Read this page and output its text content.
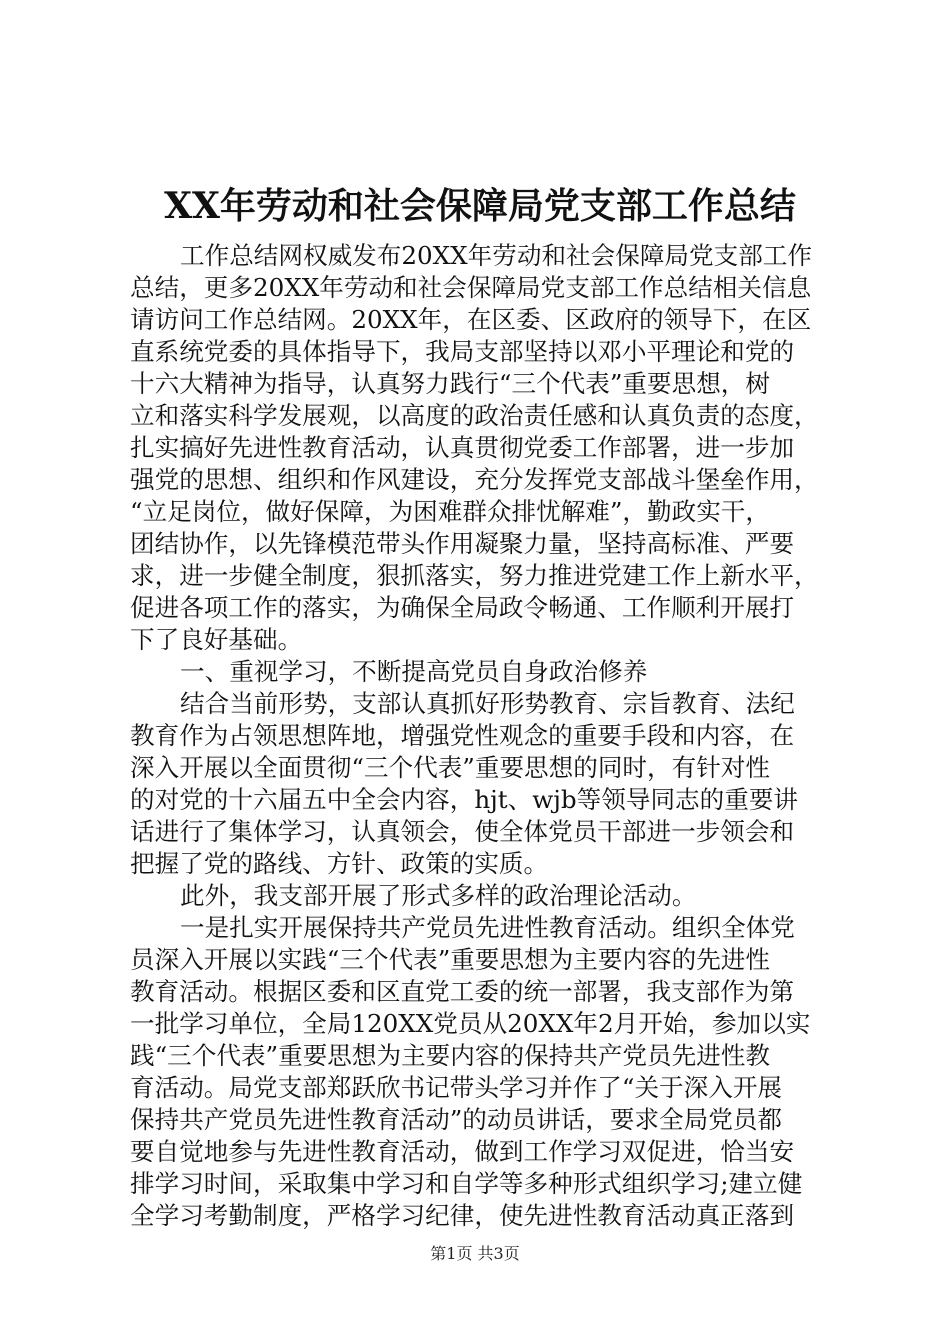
XX年劳动和社会保障局党支部工作总结
工作总结网权威发布20XX年劳动和社会保障局党支部工作
总结，更多20XX年劳动和社会保障局党支部工作总结相关信息
请访问工作总结网。20XX年，在区委、区政府的领导下，在区
直系统党委的具体指导下，我局支部坚持以邓小平理论和党的
十六大精神为指导，认真努力践行“三个代表”重要思想，树
立和落实科学发展观，以高度的政治责任感和认真负责的态度，
扎实搞好先进性教育活动，认真贯彻党委工作部署，进一步加
强党的思想、组织和作风建设，充分发挥党支部战斗堡垒作用，
“立足岗位，做好保障，为困难群众排忧解难”，勤政实干，
团结协作，以先锋模范带头作用凝聚力量，坚持高标准、严要
求，进一步健全制度，狠抓落实，努力推进党建工作上新水平，
促进各项工作的落实，为确保全局政令畅通、工作顺利开展打
下了良好基础。
一、重视学习，不断提高党员自身政治修养
结合当前形势，支部认真抓好形势教育、宗旨教育、法纪
教育作为占领思想阵地，增强党性观念的重要手段和内容，在
深入开展以全面贯彻“三个代表”重要思想的同时，有针对性
的对党的十六届五中全会内容，hjt、wjb等领导同志的重要讲
话进行了集体学习，认真领会，使全体党员干部进一步领会和
把握了党的路线、方针、政策的实质。
此外，我支部开展了形式多样的政治理论活动。
一是扎实开展保持共产党员先进性教育活动。组织全体党
员深入开展以实践“三个代表”重要思想为主要内容的先进性
教育活动。根据区委和区直党工委的统一部署，我支部作为第
一批学习单位，全局120XX党员从20XX年2月开始，参加以实
践“三个代表”重要思想为主要内容的保持共产党员先进性教
育活动。局党支部郑跃欣书记带头学习并作了“关于深入开展
保持共产党员先进性教育活动”的动员讲话，要求全局党员都
要自觉地参与先进性教育活动，做到工作学习双促进，恰当安
排学习时间，采取集中学习和自学等多种形式组织学习;建立健
全学习考勤制度，严格学习纪律，使先进性教育活动真正落到
第1页 共3页
